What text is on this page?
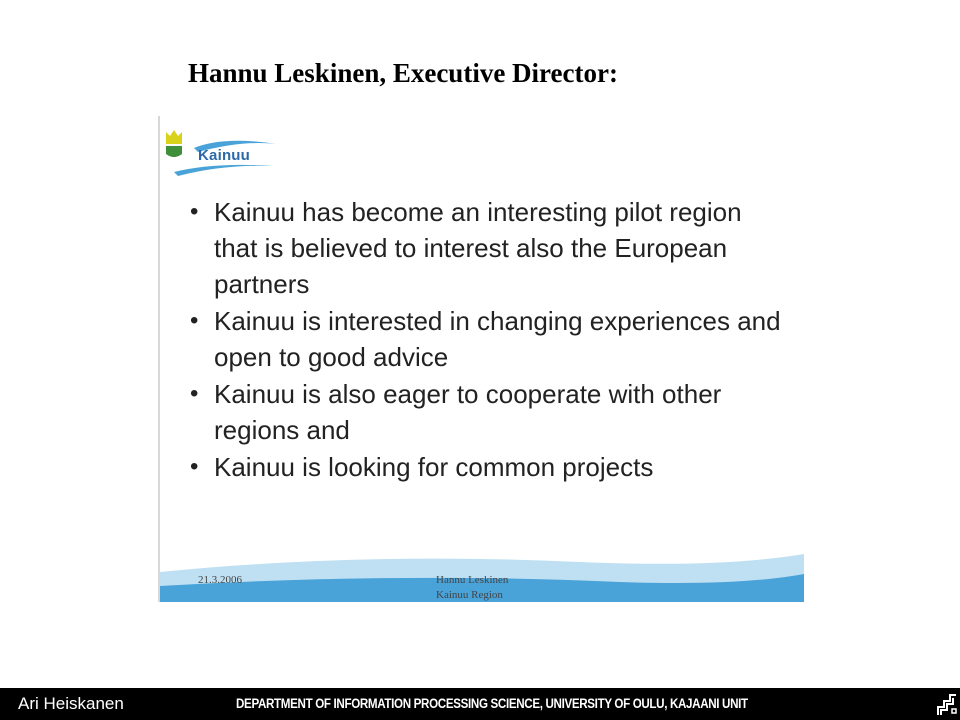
Hannu Leskinen, Executive Director:
Kainuu
• Kainuu has become an interesting pilot region that is believed to interest also the European partners
• Kainuu is interested in changing experiences and open to good advice
• Kainuu is also eager to cooperate with other regions and
• Kainuu is looking for common projects
21.3.2006	Hannu Leskinen
Kainuu Region
Ari Heiskanen	DEPARTMENT OF INFORMATION PROCESSING SCIENCE, UNIVERSITY OF OULU, KAJAANI UNIT
